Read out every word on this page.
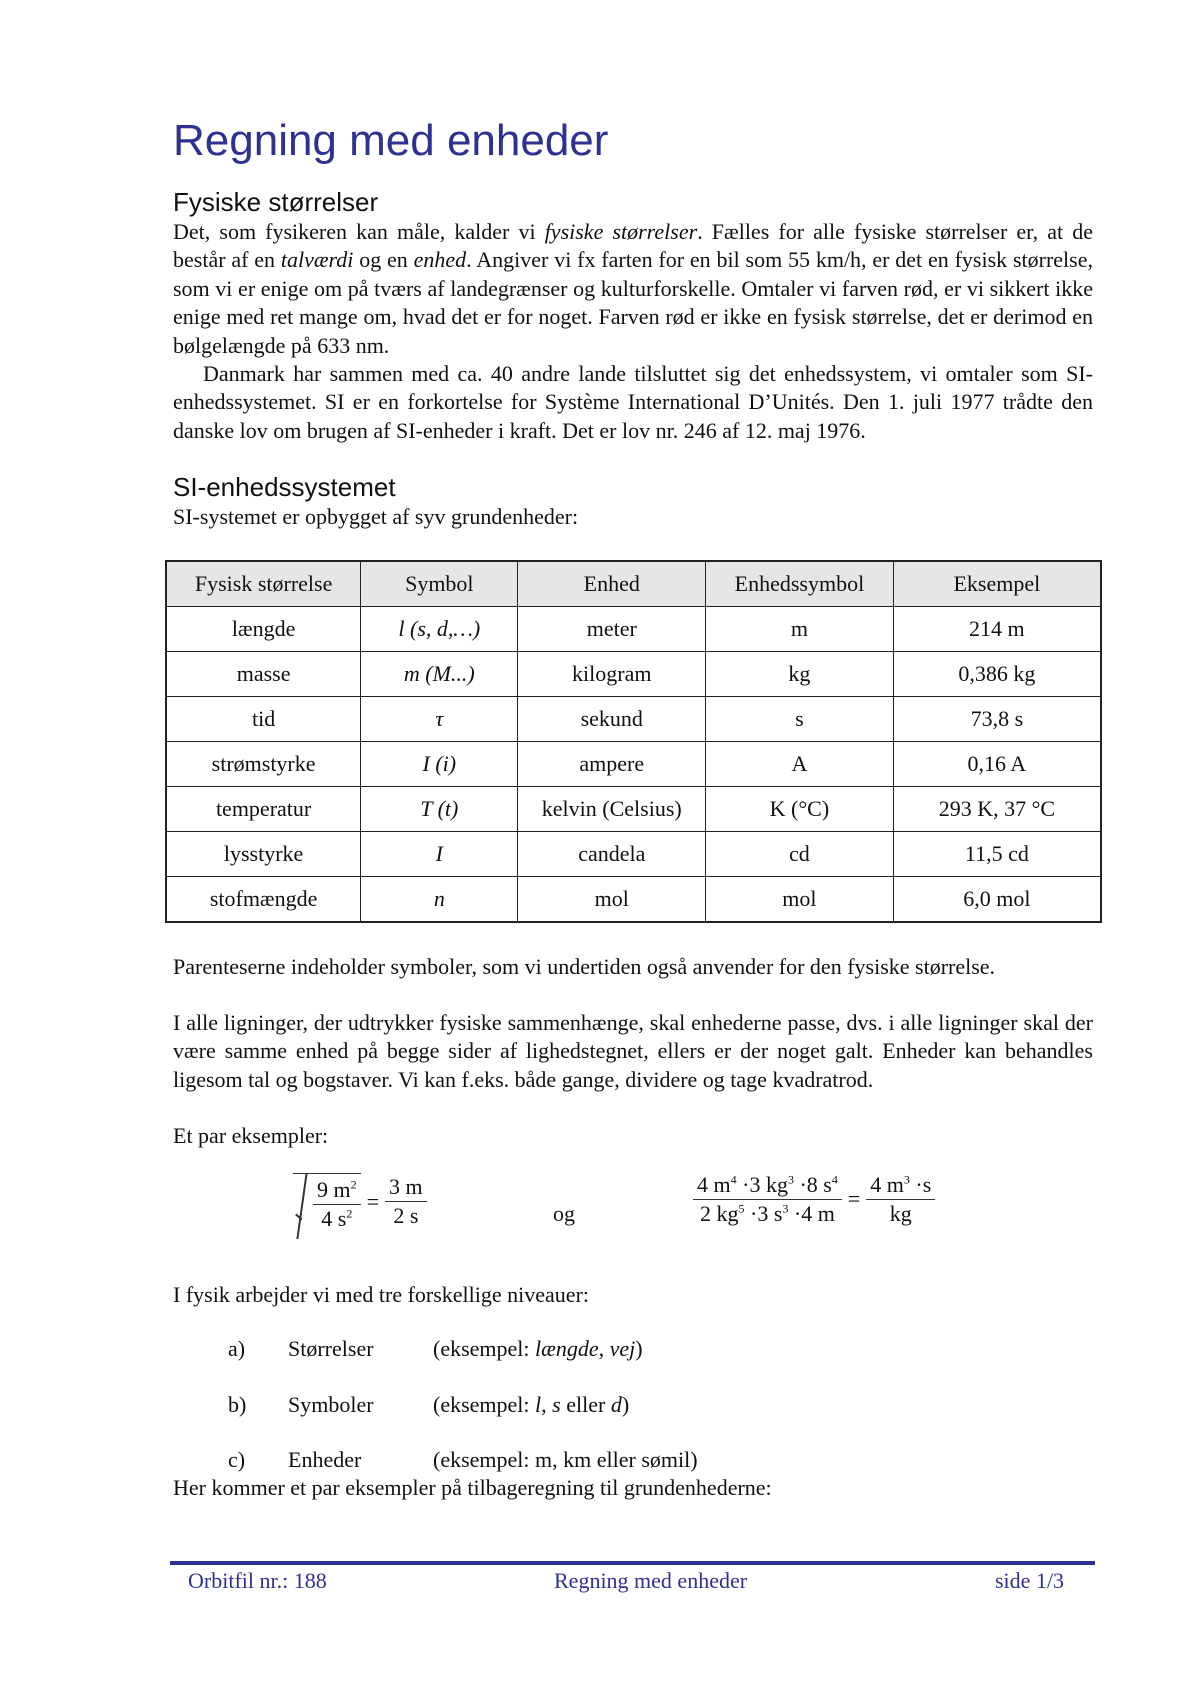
Regning med enheder
Fysiske størrelser

Det, som fysikeren kan måle, kalder vi fysiske størrelser. Fælles for alle fysiske størrelser er, at de består af en talværdi og en enhed. Angiver vi fx farten for en bil som 55 km/h, er det en fysisk størrelse, som vi er enige om på tværs af landegrænser og kulturforskelle. Omtaler vi farven rød, er vi sikkert ikke enige med ret mange om, hvad det er for noget. Farven rød er ikke en fysisk størrelse, det er derimod en bølgelængde på 633 nm.

Danmark har sammen med ca. 40 andre lande tilsluttet sig det enhedssystem, vi omtaler som SI-enhedssystemet. SI er en forkortelse for Système International D’Unités. Den 1. juli 1977 trådte den danske lov om brugen af SI-enheder i kraft. Det er lov nr. 246 af 12. maj 1976.

SI-enhedssystemet

SI-systemet er opbygget af syv grundenheder:

Fysisk størrelse	Symbol	Enhed	Enhedssymbol	Eksempel
længde	l (s, d,…)	meter	m	214 m
masse	m (M...)	kilogram	kg	0,386 kg
tid	τ	sekund	s	73,8 s
strømstyrke	I (i)	ampere	A	0,16 A
temperatur	T (t)	kelvin (Celsius)	K (°C)	293 K, 37 °C
lysstyrke	I	candela	cd	11,5 cd
stofmængde	n	mol	mol	6,0 mol

Parenteserne indeholder symboler, som vi undertiden også anvender for den fysiske størrelse.

I alle ligninger, der udtrykker fysiske sammenhænge, skal enhederne passe, dvs. i alle ligninger skal der være samme enhed på begge sider af lighedstegnet, ellers er der noget galt. Enheder kan behandles ligesom tal og bogstaver. Vi kan f.eks. både gange, dividere og tage kvadratrod.

Et par eksempler:

$\frac{9 m^2}{4 s^2} = \frac{3 m}{2 s}$	og	$\frac{4 m^4 \cdot 3 kg^3 \cdot 8 s^4}{2 kg^5 \cdot 3 s^3 \cdot 4 m} = \frac{4 m^3 \cdot s}{kg}$

I fysik arbejder vi med tre forskellige niveauer:

a) Størrelser	(eksempel: længde, vej)
b) Symboler	(eksempel: l, s eller d)
c) Enheder	(eksempel: m, km eller sømil)

Her kommer et par eksempler på tilbageregning til grundenhederne:

Orbitfil nr.: 188	Regning med enheder	side 1/3
